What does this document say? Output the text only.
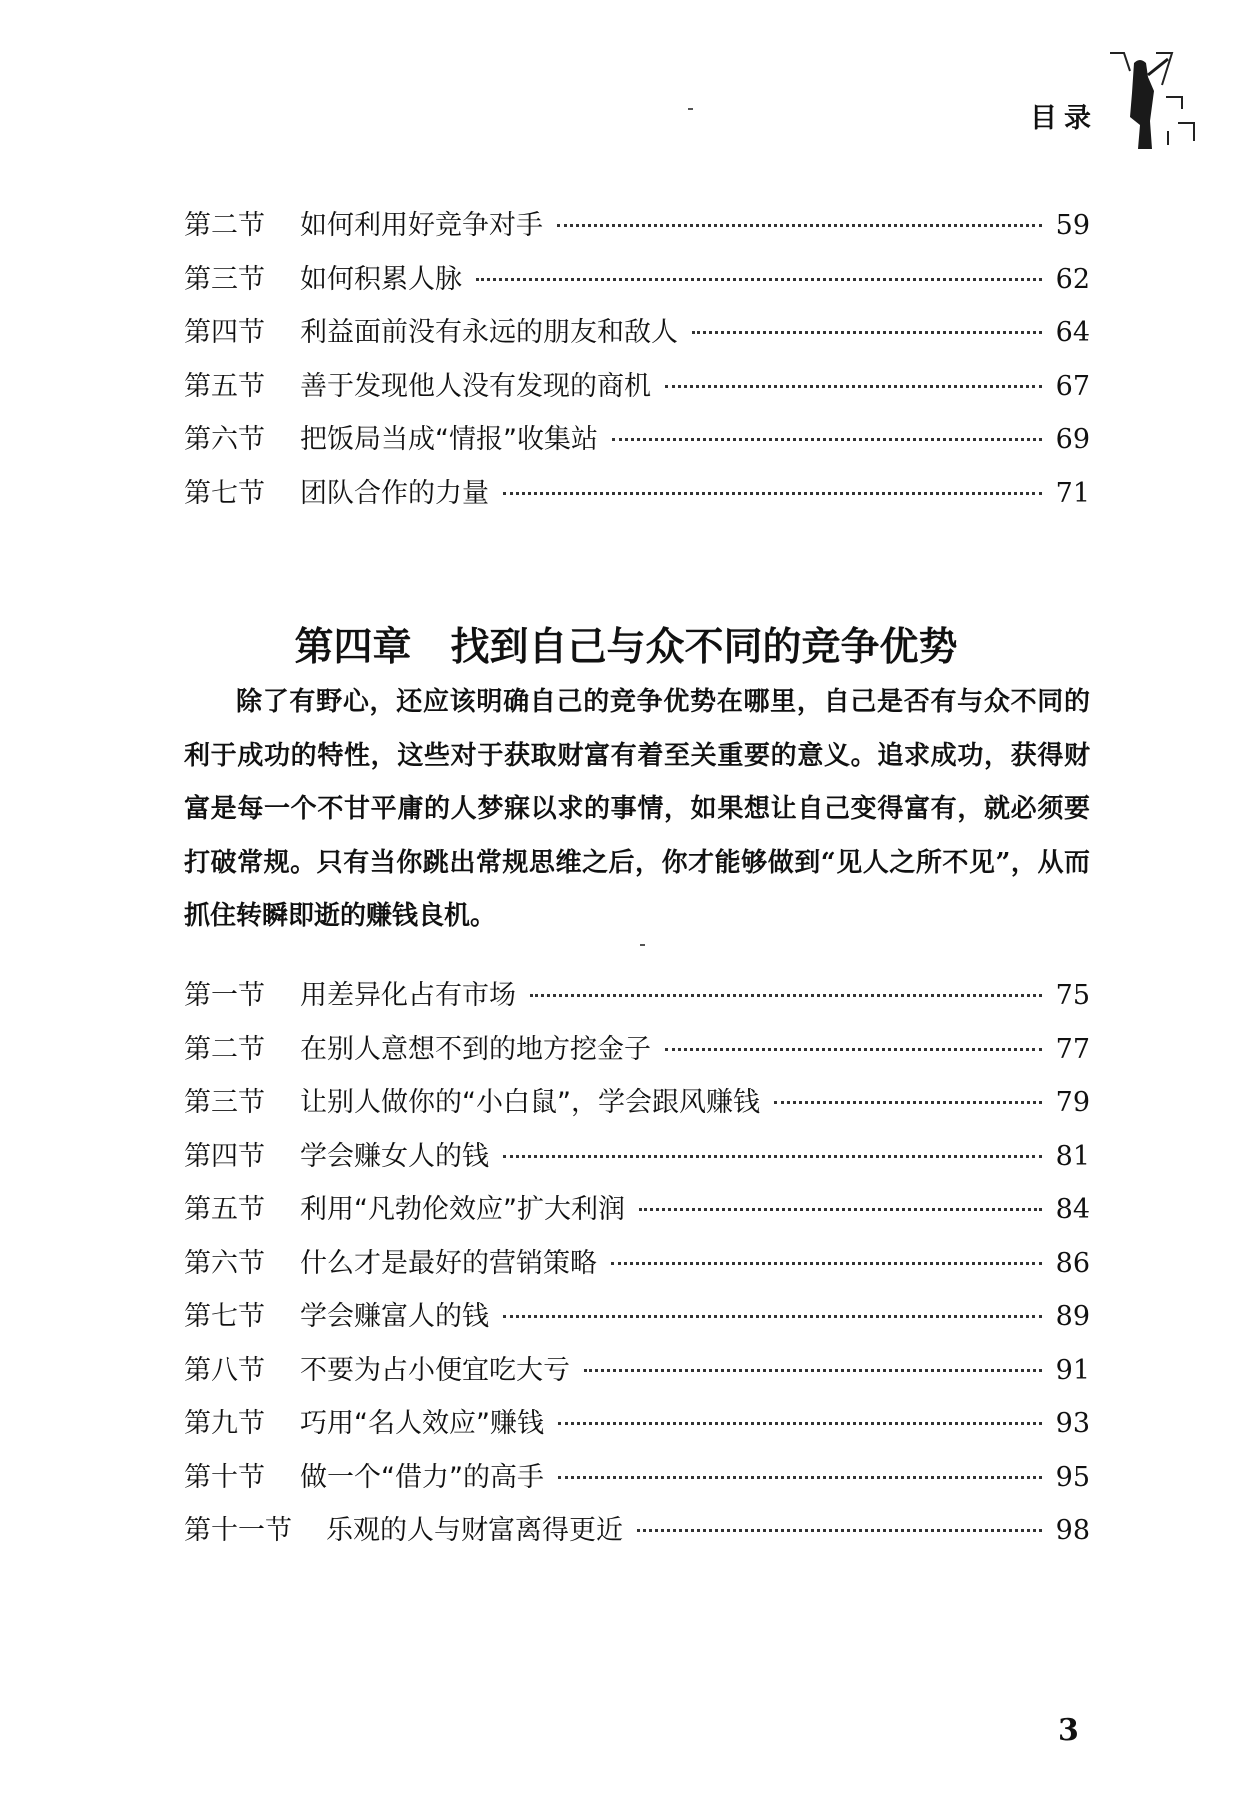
目录
第二节	如何利用好竞争对手	59
第三节	如何积累人脉	62
第四节	利益面前没有永远的朋友和敌人	64
第五节	善于发现他人没有发现的商机	67
第六节	把饭局当成“情报”收集站	69
第七节	团队合作的力量	71
第四章　找到自己与众不同的竞争优势

除了有野心，还应该明确自己的竞争优势在哪里，自己是否有与众不同的利于成功的特性，这些对于获取财富有着至关重要的意义。追求成功，获得财富是每一个不甘平庸的人梦寐以求的事情，如果想让自己变得富有，就必须要打破常规。只有当你跳出常规思维之后，你才能够做到“见人之所不见”，从而抓住转瞬即逝的赚钱良机。

第一节	用差异化占有市场	75
第二节	在别人意想不到的地方挖金子	77
第三节	让别人做你的“小白鼠”，学会跟风赚钱	79
第四节	学会赚女人的钱	81
第五节	利用“凡勃伦效应”扩大利润	84
第六节	什么才是最好的营销策略	86
第七节	学会赚富人的钱	89
第八节	不要为占小便宜吃大亏	91
第九节	巧用“名人效应”赚钱	93
第十节	做一个“借力”的高手	95
第十一节	乐观的人与财富离得更近	98
3
